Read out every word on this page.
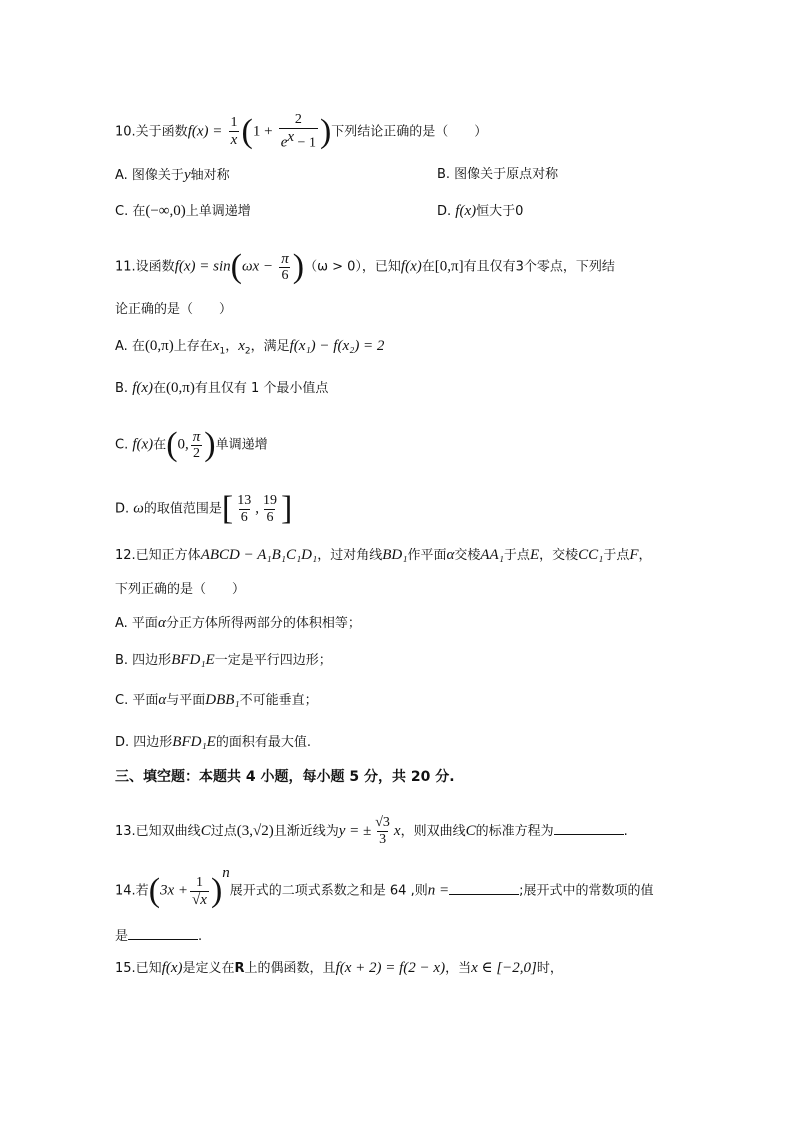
10.关于函数$f(x) = \frac{1}{x} (1 + \frac{2}{e^x - 1}$ )下列结论正确的是（　　）
A. 图像关于y轴对称	B. 图像关于原点对称
C. 在(−∞,0)上单调递增	D. f(x)恒大于0
11.设函数$f(x) = \sin(\omega x - \frac{\pi}{6} )(\omega > 0)$，已知f(x)在[0,π]有且仅有3个零点，下列结
论正确的是（　　）
A. 在(0,π)上存在$x_1$，$x_2$，满足f(x₁) − f(x₂) = 2
B. f(x)在(0,π)有且仅有 1 个最小值点
C. f(x)在(0, $\frac{\pi}{2}$ )单调递增
D. ω的取值范围是[ $\frac{13}{6}$ , $\frac{19}{6}$ ]
12.已知正方体ABCD − A₁B₁C₁D₁，过对角线BD₁作平面α交棱AA₁于点E，交棱CC₁于点F，
下列正确的是（　　）
A. 平面α分正方体所得两部分的体积相等；
B. 四边形BFD₁E一定是平行四边形；
C. 平面α与平面DBB₁不可能垂直；
D. 四边形BFD₁E的面积有最大值.
三、填空题：本题共 4 小题，每小题 5 分，共 20 分.
13.已知双曲线C过点(3,√2)且渐近线为y = ± $\frac{√3}{3}$ x，则双曲线C的标准方程为	.
14.若$(3x + \frac{1}{√x} )^n$展开式的二项式系数之和是 64 ,则n =	;展开式中的常数项的值
是	.
15.已知f(x)是定义在R上的偶函数，且f(x + 2) = f(2 − x)，当x ∈ [−2,0]时，
